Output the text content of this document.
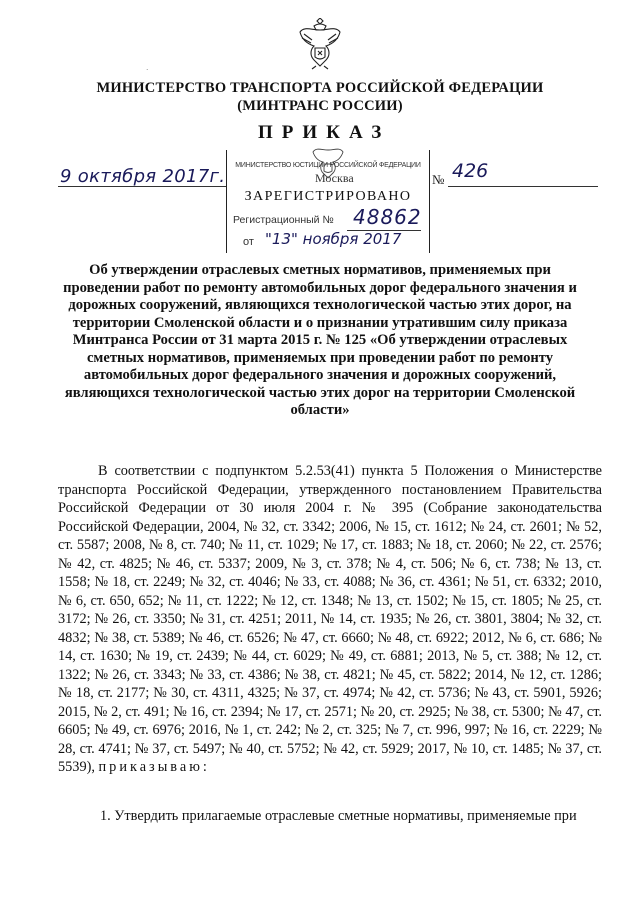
·
МИНИСТЕРСТВО ТРАНСПОРТА РОССИЙСКОЙ ФЕДЕРАЦИИ
(МИНТРАНС РОССИИ)
ПРИКАЗ
9 октября 2017г.	№ 426
МИНИСТЕРСТВО ЮСТИЦИИ РОССИЙСКОЙ ФЕДЕРАЦИИ
Москва
ЗАРЕГИСТРИРОВАНО
Регистрационный № 48862
от "13" ноября 2017
Об утверждении отраслевых сметных нормативов, применяемых при проведении работ по ремонту автомобильных дорог федерального значения и дорожных сооружений, являющихся технологической частью этих дорог, на территории Смоленской области и о признании утратившим силу приказа Минтранса России от 31 марта 2015 г. № 125 «Об утверждении отраслевых сметных нормативов, применяемых при проведении работ по ремонту автомобильных дорог федерального значения и дорожных сооружений, являющихся технологической частью этих дорог на территории Смоленской области»
В соответствии с подпунктом 5.2.53(41) пункта 5 Положения о Министерстве транспорта Российской Федерации, утвержденного постановлением Правительства Российской Федерации от 30 июля 2004 г. № 395 (Собрание законодательства Российской Федерации, 2004, № 32, ст. 3342; 2006, № 15, ст. 1612; № 24, ст. 2601; № 52, ст. 5587; 2008, № 8, ст. 740; № 11, ст. 1029; № 17, ст. 1883; № 18, ст. 2060; № 22, ст. 2576; № 42, ст. 4825; № 46, ст. 5337; 2009, № 3, ст. 378; № 4, ст. 506; № 6, ст. 738; № 13, ст. 1558; № 18, ст. 2249; № 32, ст. 4046; № 33, ст. 4088; № 36, ст. 4361; № 51, ст. 6332; 2010, № 6, ст. 650, 652; № 11, ст. 1222; № 12, ст. 1348; № 13, ст. 1502; № 15, ст. 1805; № 25, ст. 3172; № 26, ст. 3350; № 31, ст. 4251; 2011, № 14, ст. 1935; № 26, ст. 3801, 3804; № 32, ст. 4832; № 38, ст. 5389; № 46, ст. 6526; № 47, ст. 6660; № 48, ст. 6922; 2012, № 6, ст. 686; № 14, ст. 1630; № 19, ст. 2439; № 44, ст. 6029; № 49, ст. 6881; 2013, № 5, ст. 388; № 12, ст. 1322; № 26, ст. 3343; № 33, ст. 4386; № 38, ст. 4821; № 45, ст. 5822; 2014, № 12, ст. 1286; № 18, ст. 2177; № 30, ст. 4311, 4325; № 37, ст. 4974; № 42, ст. 5736; № 43, ст. 5901, 5926; 2015, № 2, ст. 491; № 16, ст. 2394; № 17, ст. 2571; № 20, ст. 2925; № 38, ст. 5300; № 47, ст. 6605; № 49, ст. 6976; 2016, № 1, ст. 242; № 2, ст. 325; № 7, ст. 996, 997; № 16, ст. 2229; № 28, ст. 4741; № 37, ст. 5497; № 40, ст. 5752; № 42, ст. 5929; 2017, № 10, ст. 1485; № 37, ст. 5539), приказываю:
1. Утвердить прилагаемые отраслевые сметные нормативы, применяемые при
